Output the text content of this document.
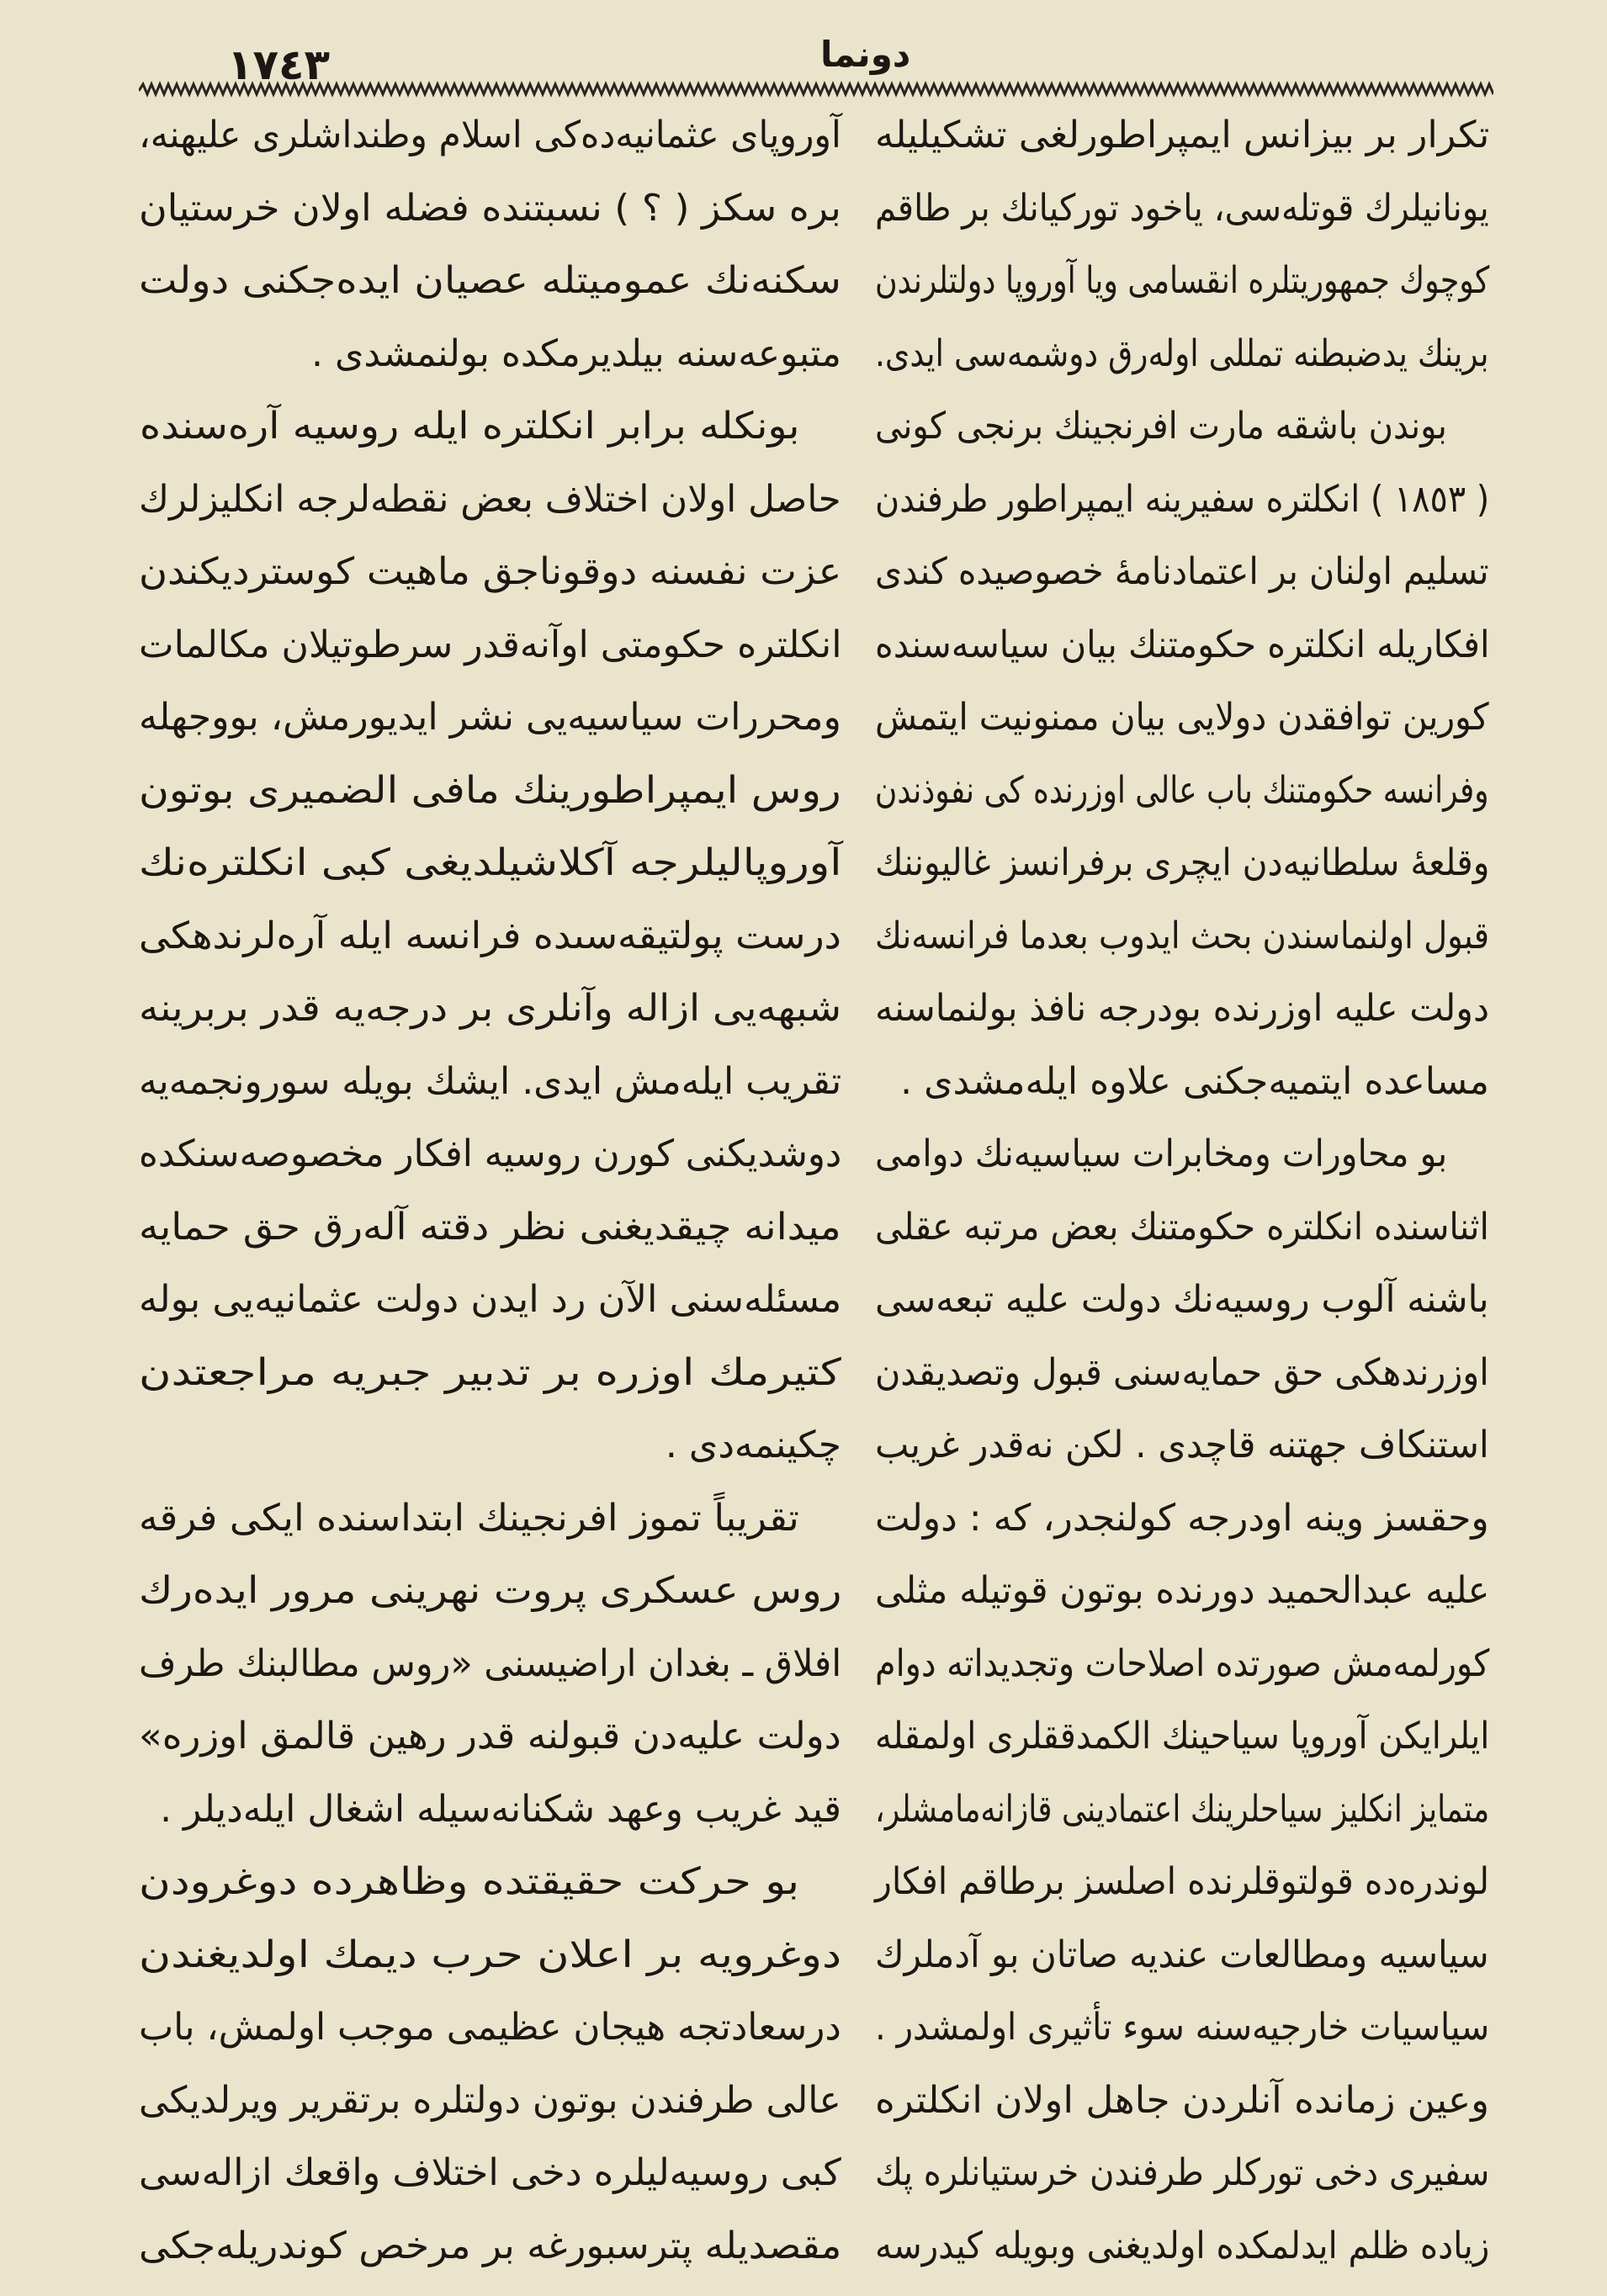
١٧٤٣	دونما
تكرار بر بيزانس ايمپراطورلغى تشكيليله
يونانيلرك قوتلەسى، ياخود توركيانك بر طاقم
كوچوك جمهوريتلره انقسامى ويا آوروپا دولتلرندن
برينك يدضبطنه تمللى اولەرق دوشمەسى ايدى.
بوندن باشقه مارت افرنجينك برنجى كونى
( ١٨٥٣ ) انكلتره سفيرينه ايمپراطور طرفندن
تسليم اولنان بر اعتمادنامۀ خصوصيده كندى
افكاريله انكلتره حكومتنك بيان سياسەسنده
كورين توافقدن دولايى بيان ممنونيت ايتمش
وفرانسه حكومتنك باب عالى اوزرنده كى نفوذندن
وقلعۀ سلطانيەدن ايچرى برفرانسز غاليوننك
قبول اولنماسندن بحث ايدوب بعدما فرانسەنك
دولت عليه اوزرنده بودرجه نافذ بولنماسنه
مساعده ايتميەجكنى علاوه ايلەمشدى .
بو محاورات ومخابرات سياسيەنك دوامى
اثناسنده انكلتره حكومتنك بعض مرتبه عقلى
باشنه آلوب روسيەنك دولت عليه تبعەسى
اوزرندهكى حق حمايەسنى قبول وتصديقدن
استنكاف جهتنه قاچدى . لكن نەقدر غريب
وحقسز وينه اودرجه كولنجدر، كه : دولت
عليه عبدالحميد دورنده بوتون قوتيله مثلى
كورلمەمش صورتده اصلاحات وتجديداته دوام
ايلرايكن آوروپا سياحينك الكمدققلرى اولمقله
متمايز انكليز سياحلرينك اعتمادينى قازانەمامشلر،
لوندرەده قولتوقلرنده اصلسز برطاقم افكار
سياسيه ومطالعات عنديه صاتان بو آدملرك
سياسيات خارجيەسنه سوء تأثيرى اولمشدر .
وعين زمانده آنلردن جاهل اولان انكلتره
سفيرى دخى توركلر طرفندن خرستيانلره پك
زياده ظلم ايدلمكده اولديغنى وبويله كيدرسه
آوروپاى عثمانيەدەكى اسلام وطنداشلرى عليهنه،
بره سكز ( ؟ ) نسبتنده فضله اولان خرستيان
سكنەنك عموميتله عصيان ايدەجكنى دولت
متبوعەسنه بيلديرمكده بولنمشدى .
بونكله برابر انكلتره ايله روسيه آرەسنده
حاصل اولان اختلاف بعض نقطەلرجه انكليزلرك
عزت نفسنه دوقوناجق ماهيت كوستردیكندن
انكلتره حكومتى اوآنەقدر سرطوتيلان مكالمات
ومحررات سياسيەيى نشر ايديورمش، بووجهله
روس ايمپراطورينك مافى الضميرى بوتون
آوروپاليلرجه آكلاشيلديغى كبى انكلترەنك
درست پولتيقەسىدە فرانسه ايله آرەلرندهكى
شبهەيى ازاله وآنلرى بر درجەيه قدر بربرينه
تقريب ايلەمش ايدى. ايشك بويله سورونجمەيه
دوشديكنى كورن روسيه افكار مخصوصەسنكده
ميدانه چيقديغنى نظر دقته آلەرق حق حمايه
مسئلەسنى الآن رد ايدن دولت عثمانيەيى بوله
كتيرمك اوزره بر تدبير جبريه مراجعتدن
چكينمەدى .
تقريباً تموز افرنجينك ابتداسنده ايكى فرقه
روس عسكرى پروت نهرينى مرور ايدەرك
افلاق ـ بغدان اراضيسنى «روس مطالبنك طرف
دولت عليەدن قبولنه قدر رهين قالمق اوزره»
قيد غريب وعهد شكنانەسيله اشغال ايلەديلر .
بو حركت حقيقتده وظاهرده دوغرودن
دوغرويه بر اعلان حرب ديمك اولديغندن
درسعادتجه هيجان عظيمى موجب اولمش، باب
عالى طرفندن بوتون دولتلره برتقرير ويرلديكى
كبى روسيەليلره دخى اختلاف واقعك ازالەسى
مقصديله پترسبورغه بر مرخص كوندريلەجكى
